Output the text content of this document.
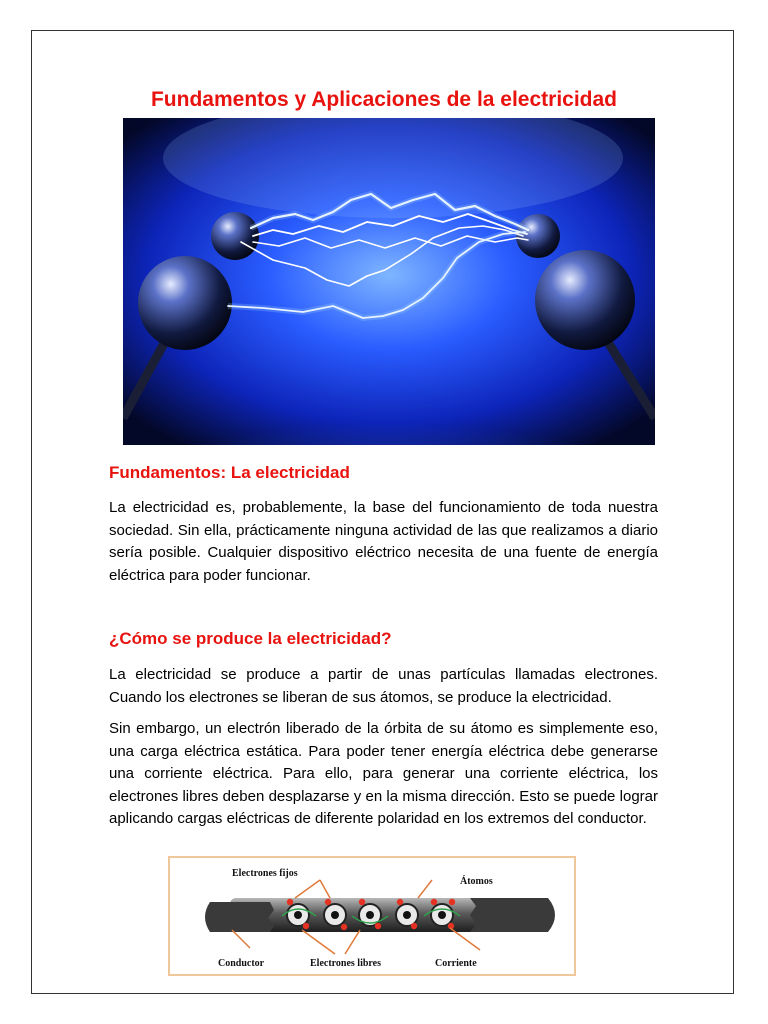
Fundamentos y Aplicaciones de la electricidad
Fundamentos: La electricidad

La electricidad es, probablemente, la base del funcionamiento de toda nuestra sociedad. Sin ella, prácticamente ninguna actividad de las que realizamos a diario sería posible. Cualquier dispositivo eléctrico necesita de una fuente de energía eléctrica para poder funcionar.

¿Cómo se produce la electricidad?

La electricidad se produce a partir de unas partículas llamadas electrones. Cuando los electrones se liberan de sus átomos, se produce la electricidad.

Sin embargo, un electrón liberado de la órbita de su átomo es simplemente eso, una carga eléctrica estática. Para poder tener energía eléctrica debe generarse una corriente eléctrica. Para ello, para generar una corriente eléctrica, los electrones libres deben desplazarse y en la misma dirección. Esto se puede lograr aplicando cargas eléctricas de diferente polaridad en los extremos del conductor.

Electrones fijos
Átomos
Conductor	Electrones libres	Corriente
